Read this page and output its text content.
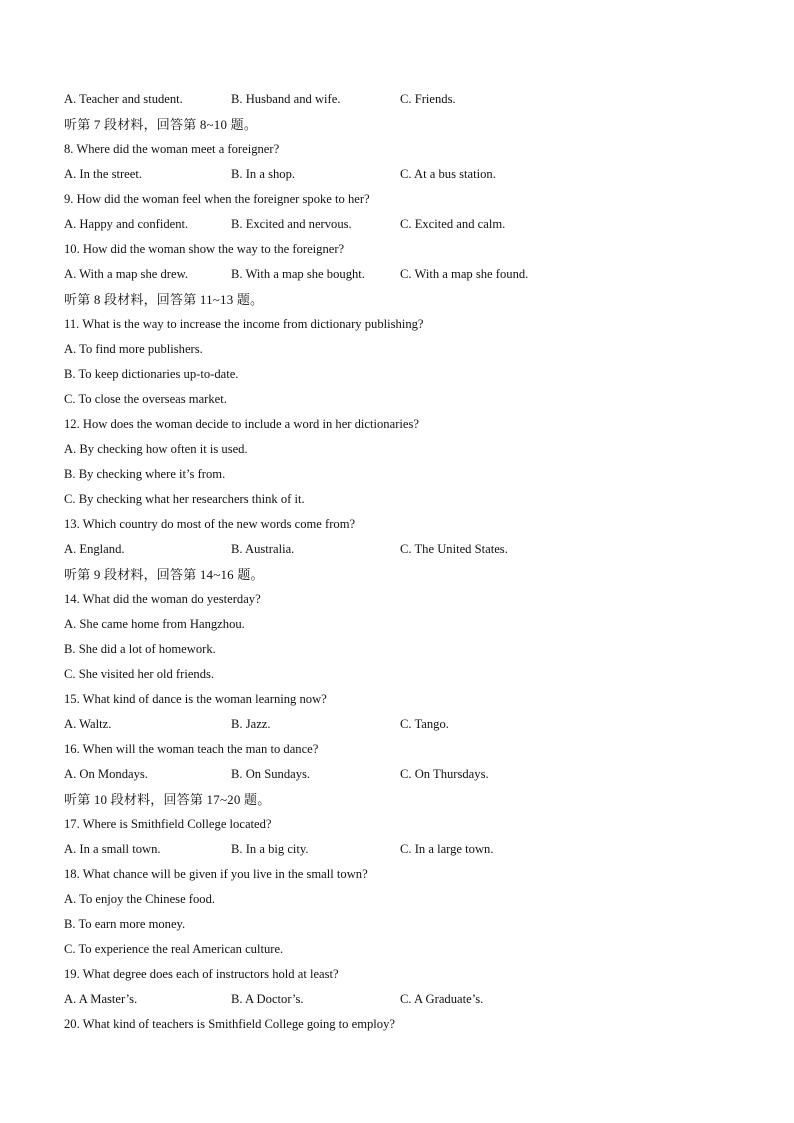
A. Teacher and student.	B. Husband and wife.	C. Friends.
听第 7 段材料，回答第 8~10 题。
8. Where did the woman meet a foreigner?
A. In the street.	B. In a shop.	C. At a bus station.
9. How did the woman feel when the foreigner spoke to her?
A. Happy and confident.	B. Excited and nervous.	C. Excited and calm.
10. How did the woman show the way to the foreigner?
A. With a map she drew.	B. With a map she bought.	C. With a map she found.
听第 8 段材料，回答第 11~13 题。
11. What is the way to increase the income from dictionary publishing?
A. To find more publishers.
B. To keep dictionaries up-to-date.
C. To close the overseas market.
12. How does the woman decide to include a word in her dictionaries?
A. By checking how often it is used.
B. By checking where it’s from.
C. By checking what her researchers think of it.
13. Which country do most of the new words come from?
A. England.	B. Australia.	C. The United States.
听第 9 段材料，回答第 14~16 题。
14. What did the woman do yesterday?
A. She came home from Hangzhou.
B. She did a lot of homework.
C. She visited her old friends.
15. What kind of dance is the woman learning now?
A. Waltz.	B. Jazz.	C. Tango.
16. When will the woman teach the man to dance?
A. On Mondays.	B. On Sundays.	C. On Thursdays.
听第 10 段材料，回答第 17~20 题。
17. Where is Smithfield College located?
A. In a small town.	B. In a big city.	C. In a large town.
18. What chance will be given if you live in the small town?
A. To enjoy the Chinese food.
B. To earn more money.
C. To experience the real American culture.
19. What degree does each of instructors hold at least?
A. A Master’s.	B. A Doctor’s.	C. A Graduate’s.
20. What kind of teachers is Smithfield College going to employ?
